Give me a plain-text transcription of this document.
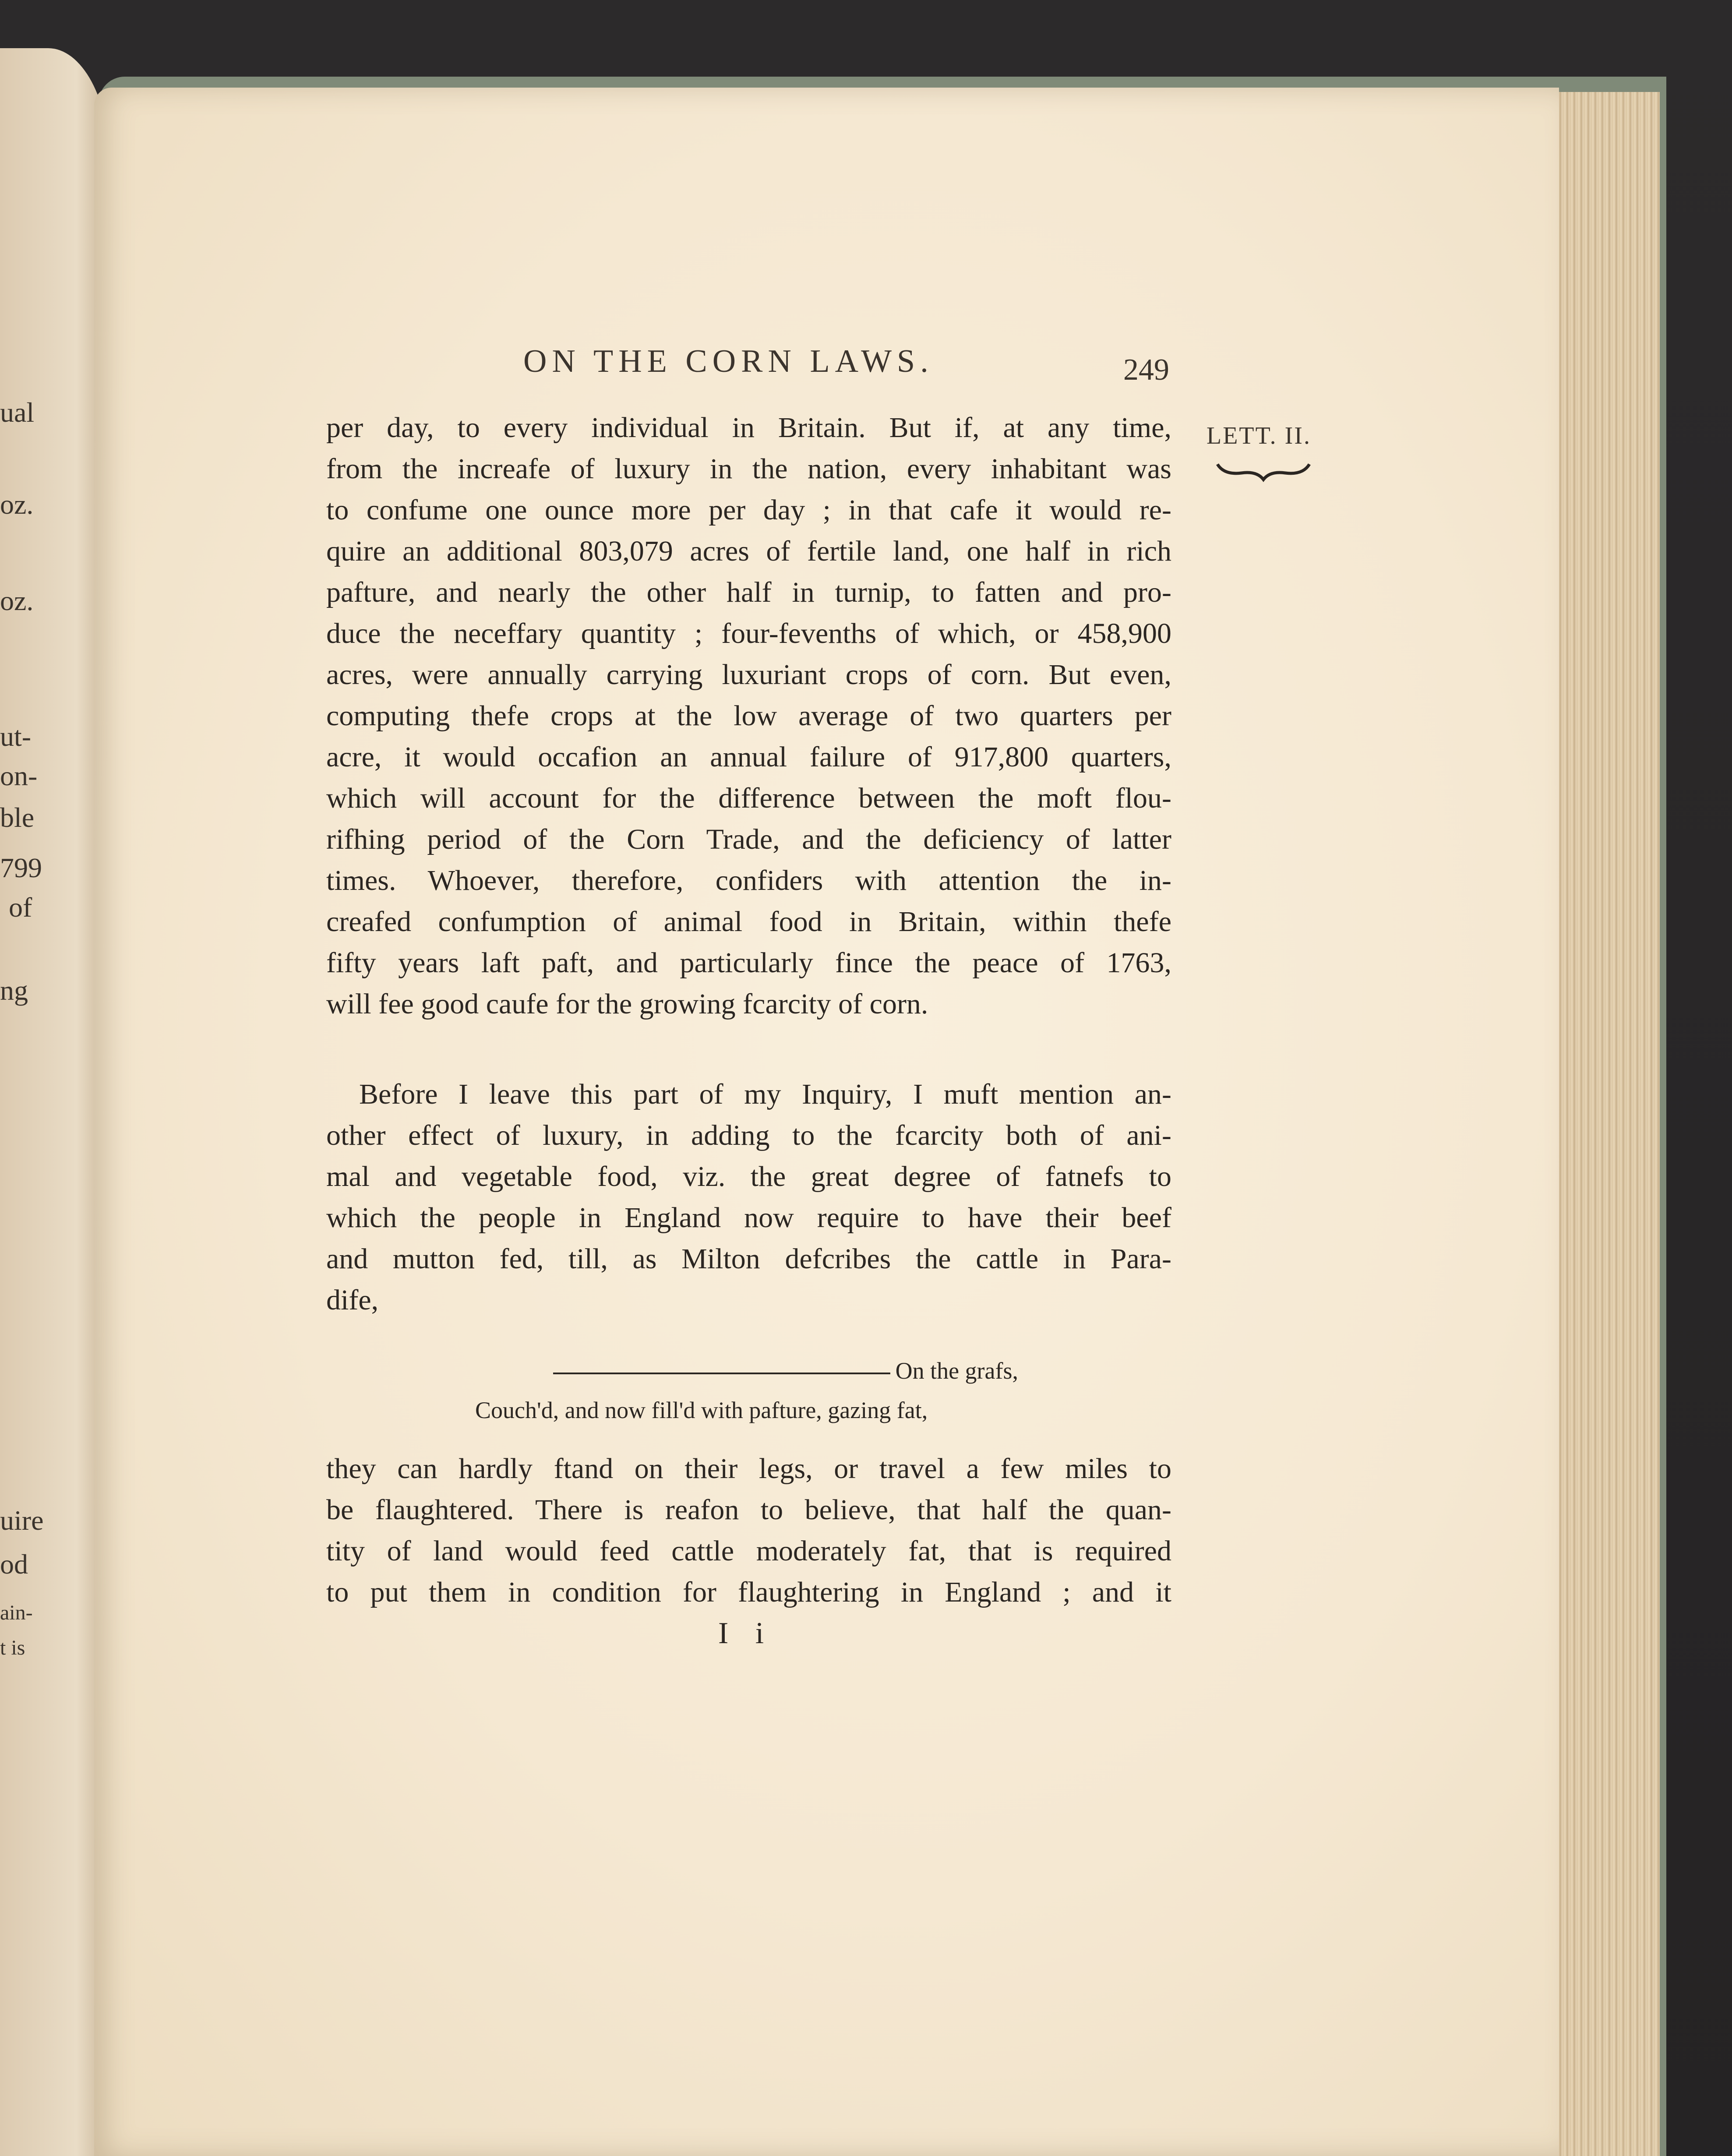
ual
oz.
oz.
ut-
on-
ble
799
of
ng
uire
od
ain-
t is
ON THE CORN LAWS.	249
LETT. II.
per day, to every individual in Britain. But if, at any time,
from the increafe of luxury in the nation, every inhabitant was
to confume one ounce more per day ; in that cafe it would re-
quire an additional 803,079 acres of fertile land, one half in rich
pafture, and nearly the other half in turnip, to fatten and pro-
duce the neceffary quantity ; four-fevenths of which, or 458,900
acres, were annually carrying luxuriant crops of corn. But even,
computing thefe crops at the low average of two quarters per
acre, it would occafion an annual failure of 917,800 quarters,
which will account for the difference between the moft flou-
rifhing period of the Corn Trade, and the deficiency of latter
times. Whoever, therefore, confiders with attention the in-
creafed confumption of animal food in Britain, within thefe
fifty years laft paft, and particularly fince the peace of 1763,
will fee good caufe for the growing fcarcity of corn.
Before I leave this part of my Inquiry, I muft mention an-
other effect of luxury, in adding to the fcarcity both of ani-
mal and vegetable food, viz. the great degree of fatnefs to
which the people in England now require to have their beef
and mutton fed, till, as Milton defcribes the cattle in Para-
dife,
On the grafs,
Couch'd, and now fill'd with pafture, gazing fat,
they can hardly ftand on their legs, or travel a few miles to
be flaughtered. There is reafon to believe, that half the quan-
tity of land would feed cattle moderately fat, that is required
to put them in condition for flaughtering in England ; and it
I i
